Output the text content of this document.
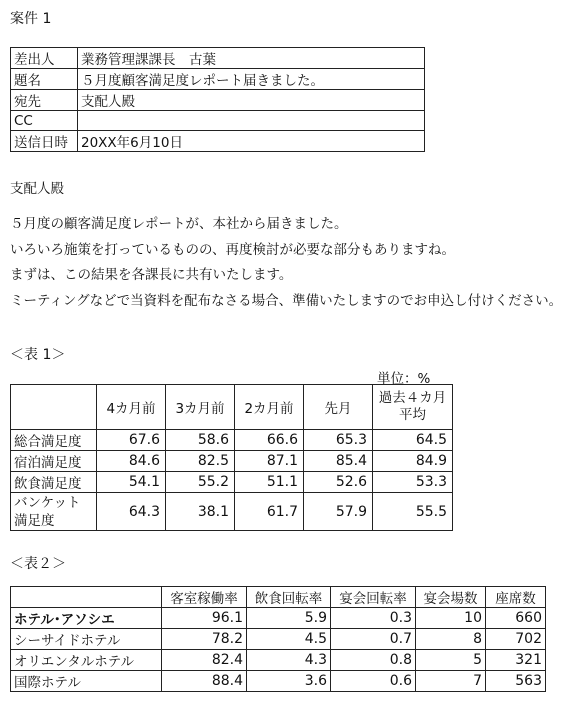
案件 1
差出人	業務管理課課長　古葉
題名	５月度顧客満足度レポート届きました。
宛先	支配人殿
CC	
送信日時	20XX年6月10日
支配人殿
５月度の顧客満足度レポートが、本社から届きました。
いろいろ施策を打っているものの、再度検討が必要な部分もありますね。
まずは、この結果を各課長に共有いたします。
ミーティングなどで当資料を配布なさる場合、準備いたしますのでお申込し付けください。
＜表 1＞
単位：%
	4カ月前	3カ月前	2カ月前	先月	過去４カ月
平均

総合満足度	67.6	58.6	66.6	65.3	64.5
宿泊満足度	84.6	82.5	87.1	85.4	84.9
飲食満足度	54.1	55.2	51.1	52.6	53.3

バンケット
満足度	64.3	38.1	61.7	57.9	55.5
＜表２＞
	客室稼働率	飲食回転率	宴会回転率	宴会場数	座席数
ホテル･アソシエ	96.1	5.9	0.3	10	660
シーサイドホテル	78.2	4.5	0.7	8	702
オリエンタルホテル	82.4	4.3	0.8	5	321
国際ホテル	88.4	3.6	0.6	7	563
